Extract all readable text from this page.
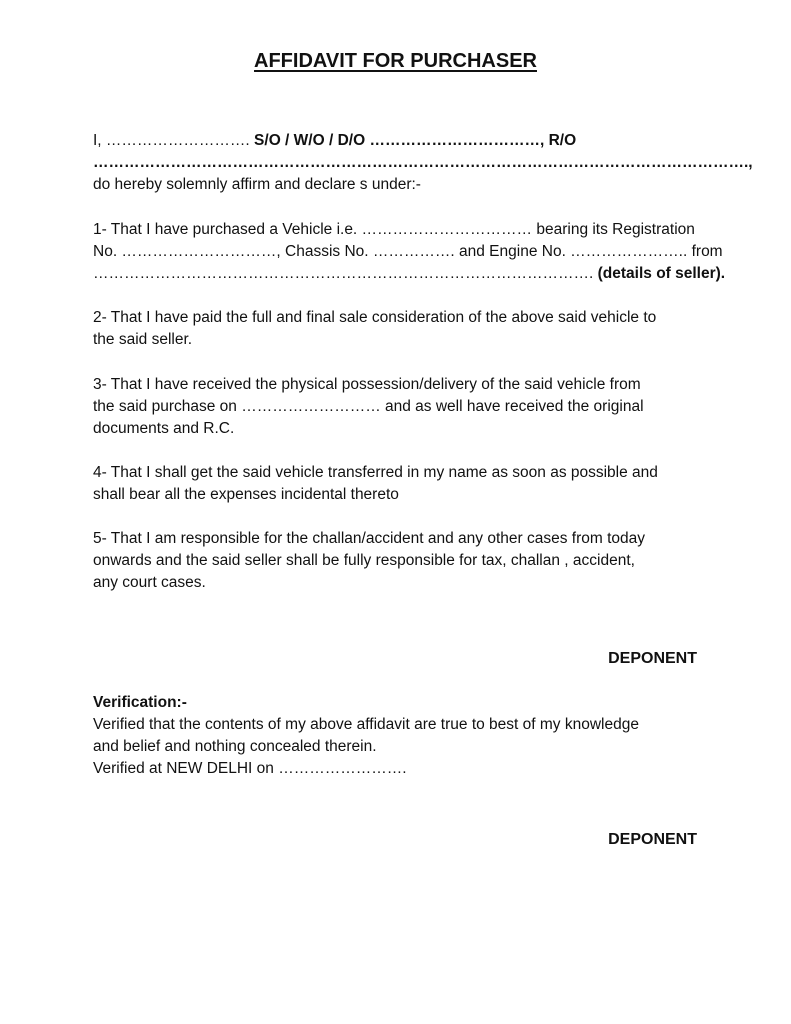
AFFIDAVIT FOR PURCHASER
I, ………………………. S/O / W/O / D/O ……………………………, R/O
……………………………………………………………………………………………………………….,
do hereby solemnly affirm and declare s under:-
1- That I have purchased a Vehicle i.e. …………………………… bearing its Registration
No. …………………………, Chassis No. ……………. and Engine No. ………………….. from
……………………………………………………………………………………. (details of seller).
2- That I have paid the full and final sale consideration of the above said vehicle to
the said seller.
3- That I have received the physical possession/delivery of the said vehicle from
the said purchase on ……………………… and as well have received the original
documents and R.C.
4- That I shall get the said vehicle transferred in my name as soon as possible and
shall bear all the expenses incidental thereto
5- That I am responsible for the challan/accident and any other cases from today
onwards and the said seller shall be fully responsible for tax, challan , accident,
any court cases.
DEPONENT
Verification:-
Verified that the contents of my above affidavit are true to best of my knowledge
and belief and nothing concealed therein.
Verified at NEW DELHI on …………………….
DEPONENT
